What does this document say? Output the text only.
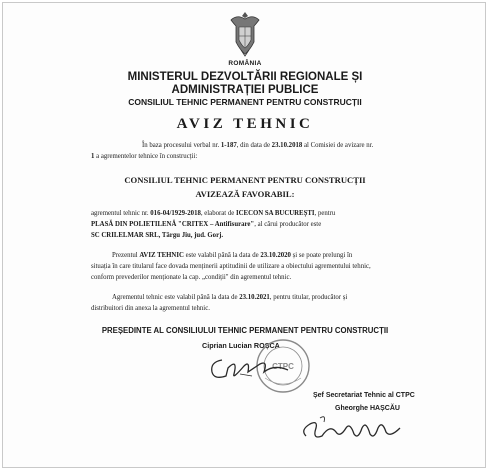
ROMÂNIA
MINISTERUL DEZVOLTĂRII REGIONALE ȘI
ADMINISTRAȚIEI PUBLICE
CONSILIUL TEHNIC PERMANENT PENTRU CONSTRUCȚII
AVIZ TEHNIC
În baza procesului verbal nr. 1-187, din data de 23.10.2018 al Comisiei de avizare nr.
1 a agrementelor tehnice în construcții:
CONSILIUL TEHNIC PERMANENT PENTRU CONSTRUCȚII
AVIZEAZĂ FAVORABIL:
agrementul tehnic nr. 016-04/1929-2018, elaborat de ICECON SA BUCUREȘTI, pentru
PLASĂ DIN POLIETILENĂ "CRITEX – Antifisurare", al cărui producător este
SC CRILELMAR SRL, Târgu Jiu, jud. Gorj.
Prezentul AVIZ TEHNIC este valabil până la data de 23.10.2020 și se poate prelungi în
situația în care titularul face dovada menținerii aptitudinii de utilizare a obiectului agrementului tehnic,
conform prevederilor menționate la cap. „condiții" din agrementul tehnic.
Agrementul tehnic este valabil până la data de 23.10.2021, pentru titular, producător și
distribuitori din anexa la agrementul tehnic.
PREȘEDINTE AL CONSILIULUI TEHNIC PERMANENT PENTRU CONSTRUCȚII
Ciprian Lucian ROȘCA
CTPC
Șef Secretariat Tehnic al CTPC
Gheorghe HAȘCĂU
